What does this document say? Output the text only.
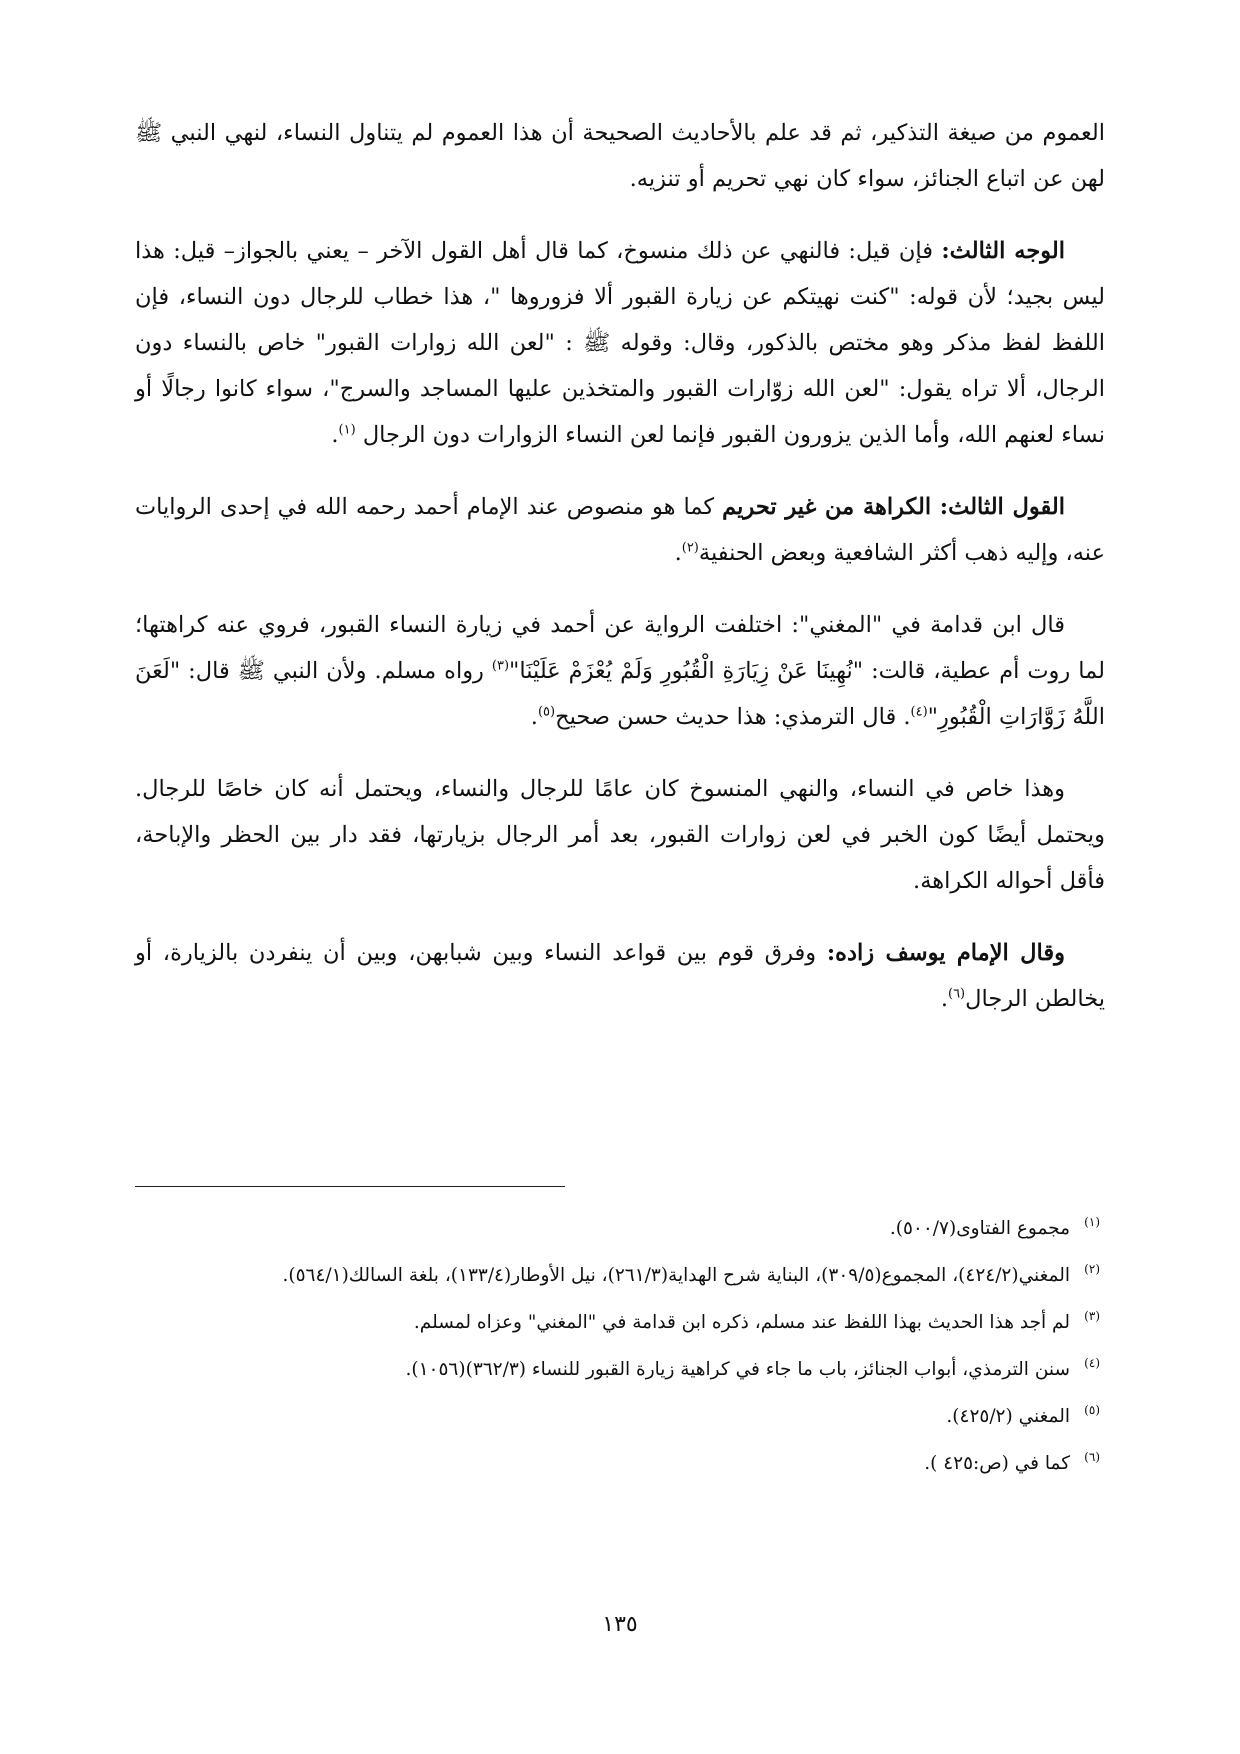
العموم من صيغة التذكير، ثم قد علم بالأحاديث الصحيحة أن هذا العموم لم يتناول النساء، لنهي النبي ﷺ لهن عن اتباع الجنائز، سواء كان نهي تحريم أو تنزيه.

الوجه الثالث: فإن قيل: فالنهي عن ذلك منسوخ، كما قال أهل القول الآخر – يعني بالجواز– قيل: هذا ليس بجيد؛ لأن قوله: "كنت نهيتكم عن زيارة القبور ألا فزوروها "، هذا خطاب للرجال دون النساء، فإن اللفظ لفظ مذكر وهو مختص بالذكور، وقال: وقوله ﷺ : "لعن الله زوارات القبور" خاص بالنساء دون الرجال، ألا تراه يقول: "لعن الله زوّارات القبور والمتخذين عليها المساجد والسرج"، سواء كانوا رجالًا أو نساء لعنهم الله، وأما الذين يزورون القبور فإنما لعن النساء الزوارات دون الرجال $^{(١)}$.

القول الثالث: الكراهة من غير تحريم كما هو منصوص عند الإمام أحمد رحمه الله في إحدى الروايات عنه، وإليه ذهب أكثر الشافعية وبعض الحنفية$^{(٢)}$.

قال ابن قدامة في "المغني": اختلفت الرواية عن أحمد في زيارة النساء القبور، فروي عنه كراهتها؛ لما روت أم عطية، قالت: "نُهِينَا عَنْ زِيَارَةِ الْقُبُورِ وَلَمْ يُعْزَمْ عَلَيْنَا"$^{(٣)}$ رواه مسلم. ولأن النبي ﷺ قال: "لَعَنَ اللَّهُ زَوَّارَاتِ الْقُبُورِ"$^{(٤)}$. قال الترمذي: هذا حديث حسن صحيح$^{(٥)}$.

وهذا خاص في النساء، والنهي المنسوخ كان عامًا للرجال والنساء، ويحتمل أنه كان خاصًا للرجال. ويحتمل أيضًا كون الخبر في لعن زوارات القبور، بعد أمر الرجال بزيارتها، فقد دار بين الحظر والإباحة، فأقل أحواله الكراهة.

وقال الإمام يوسف زاده: وفرق قوم بين قواعد النساء وبين شبابهن، وبين أن ينفردن بالزيارة، أو يخالطن الرجال$^{(٦)}$.

(١)
مجموع الفتاوى(٥٠٠/٧).

(٢)
المغني(٤٢٤/٢)، المجموع(٣٠٩/٥)، البناية شرح الهداية(٢٦١/٣)، نيل الأوطار(١٣٣/٤)، بلغة السالك(٥٦٤/١).

(٣)
لم أجد هذا الحديث بهذا اللفظ عند مسلم، ذكره ابن قدامة في "المغني" وعزاه لمسلم.

(٤)
سنن الترمذي، أبواب الجنائز، باب ما جاء في كراهية زيارة القبور للنساء (٣٦٢/٣)(١٠٥٦).

(٥)
المغني (٤٢٥/٢).

(٦)
كما في (ص:٤٢٥ ).

١٣٥
